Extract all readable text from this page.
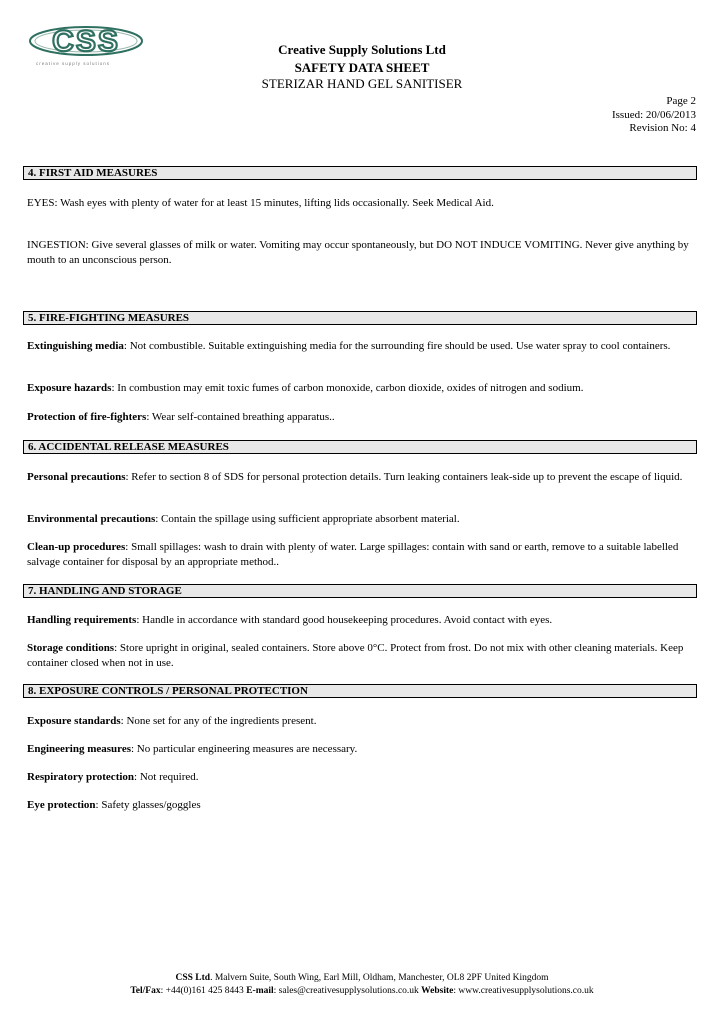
CSS
creative supply solutions
Creative Supply Solutions Ltd
SAFETY DATA SHEET
STERIZAR HAND GEL SANITISER
Page 2
Issued: 20/06/2013
Revision No: 4
4. FIRST AID MEASURES
EYES: Wash eyes with plenty of water for at least 15 minutes, lifting lids occasionally. Seek Medical Aid.
INGESTION: Give several glasses of milk or water. Vomiting may occur spontaneously, but DO NOT INDUCE VOMITING. Never give anything by mouth to an unconscious person.
5. FIRE-FIGHTING MEASURES
Extinguishing media: Not combustible. Suitable extinguishing media for the surrounding fire should be used. Use water spray to cool containers.
Exposure hazards: In combustion may emit toxic fumes of carbon monoxide, carbon dioxide, oxides of nitrogen and sodium.
Protection of fire-fighters: Wear self-contained breathing apparatus..
6. ACCIDENTAL RELEASE MEASURES
Personal precautions: Refer to section 8 of SDS for personal protection details. Turn leaking containers leak-side up to prevent the escape of liquid.
Environmental precautions: Contain the spillage using sufficient appropriate absorbent material.
Clean-up procedures: Small spillages: wash to drain with plenty of water. Large spillages: contain with sand or earth, remove to a suitable labelled salvage container for disposal by an appropriate method..
7. HANDLING AND STORAGE
Handling requirements: Handle in accordance with standard good housekeeping procedures. Avoid contact with eyes.
Storage conditions: Store upright in original, sealed containers. Store above 0°C. Protect from frost. Do not mix with other cleaning materials. Keep container closed when not in use.
8. EXPOSURE CONTROLS / PERSONAL PROTECTION
Exposure standards: None set for any of the ingredients present.
Engineering measures: No particular engineering measures are necessary.
Respiratory protection: Not required.
Eye protection: Safety glasses/goggles
CSS Ltd. Malvern Suite, South Wing, Earl Mill, Oldham, Manchester, OL8 2PF United Kingdom
Tel/Fax: +44(0)161 425 8443 E-mail: sales@creativesupplysolutions.co.uk Website: www.creativesupplysolutions.co.uk
